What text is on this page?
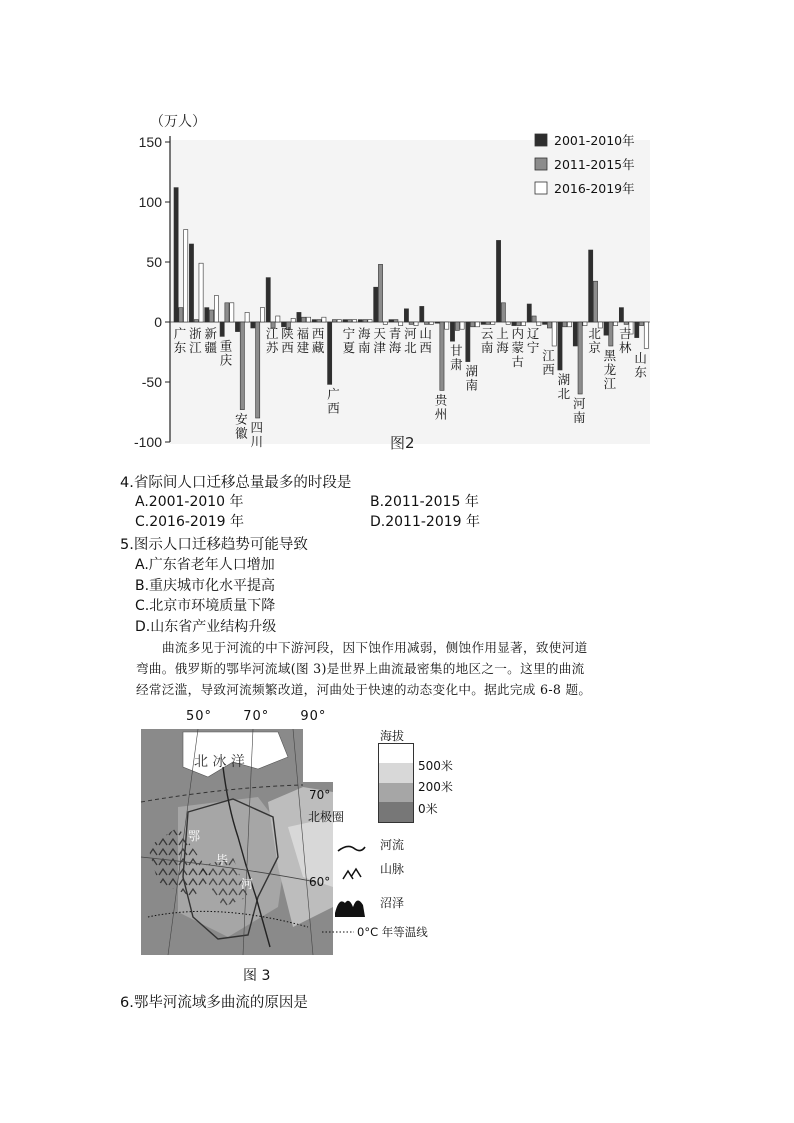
150
100
50
0
-50
-100
（万人）
广东
浙江
新疆 重庆
安徽 四川
江苏
陕西
福建
西藏
广西
宁夏
海南
天津
青海
河北
山西
贵州
甘肃 湖南
云南
上海
内蒙古
辽宁
江西
湖北
河南
北京
黑龙江
吉林
山东
2001-2010年
2011-2015年
2016-2019年
图2
4.省际间人口迁移总量最多的时段是
A.2001-2010 年	B.2011-2015 年
C.2016-2019 年	D.2011-2019 年
5.图示人口迁移趋势可能导致
A.广东省老年人口增加
B.重庆城市化水平提高
C.北京市环境质量下降
D.山东省产业结构升级

曲流多见于河流的中下游河段，因下蚀作用减弱，侧蚀作用显著，致使河道

弯曲。俄罗斯的鄂毕河流域(图 3)是世界上曲流最密集的地区之一。这里的曲流
经常泛滥，导致河流频繁改道，河曲处于快速的动态变化中。据此完成 6-8 题。
50° 70° 90°
北 冰 洋
70°
北极圈
60°
鄂
毕
河
海拔
500米
200米
0米
河流
山脉
沼泽
0°C 年等温线
图 3
6.鄂毕河流域多曲流的原因是
